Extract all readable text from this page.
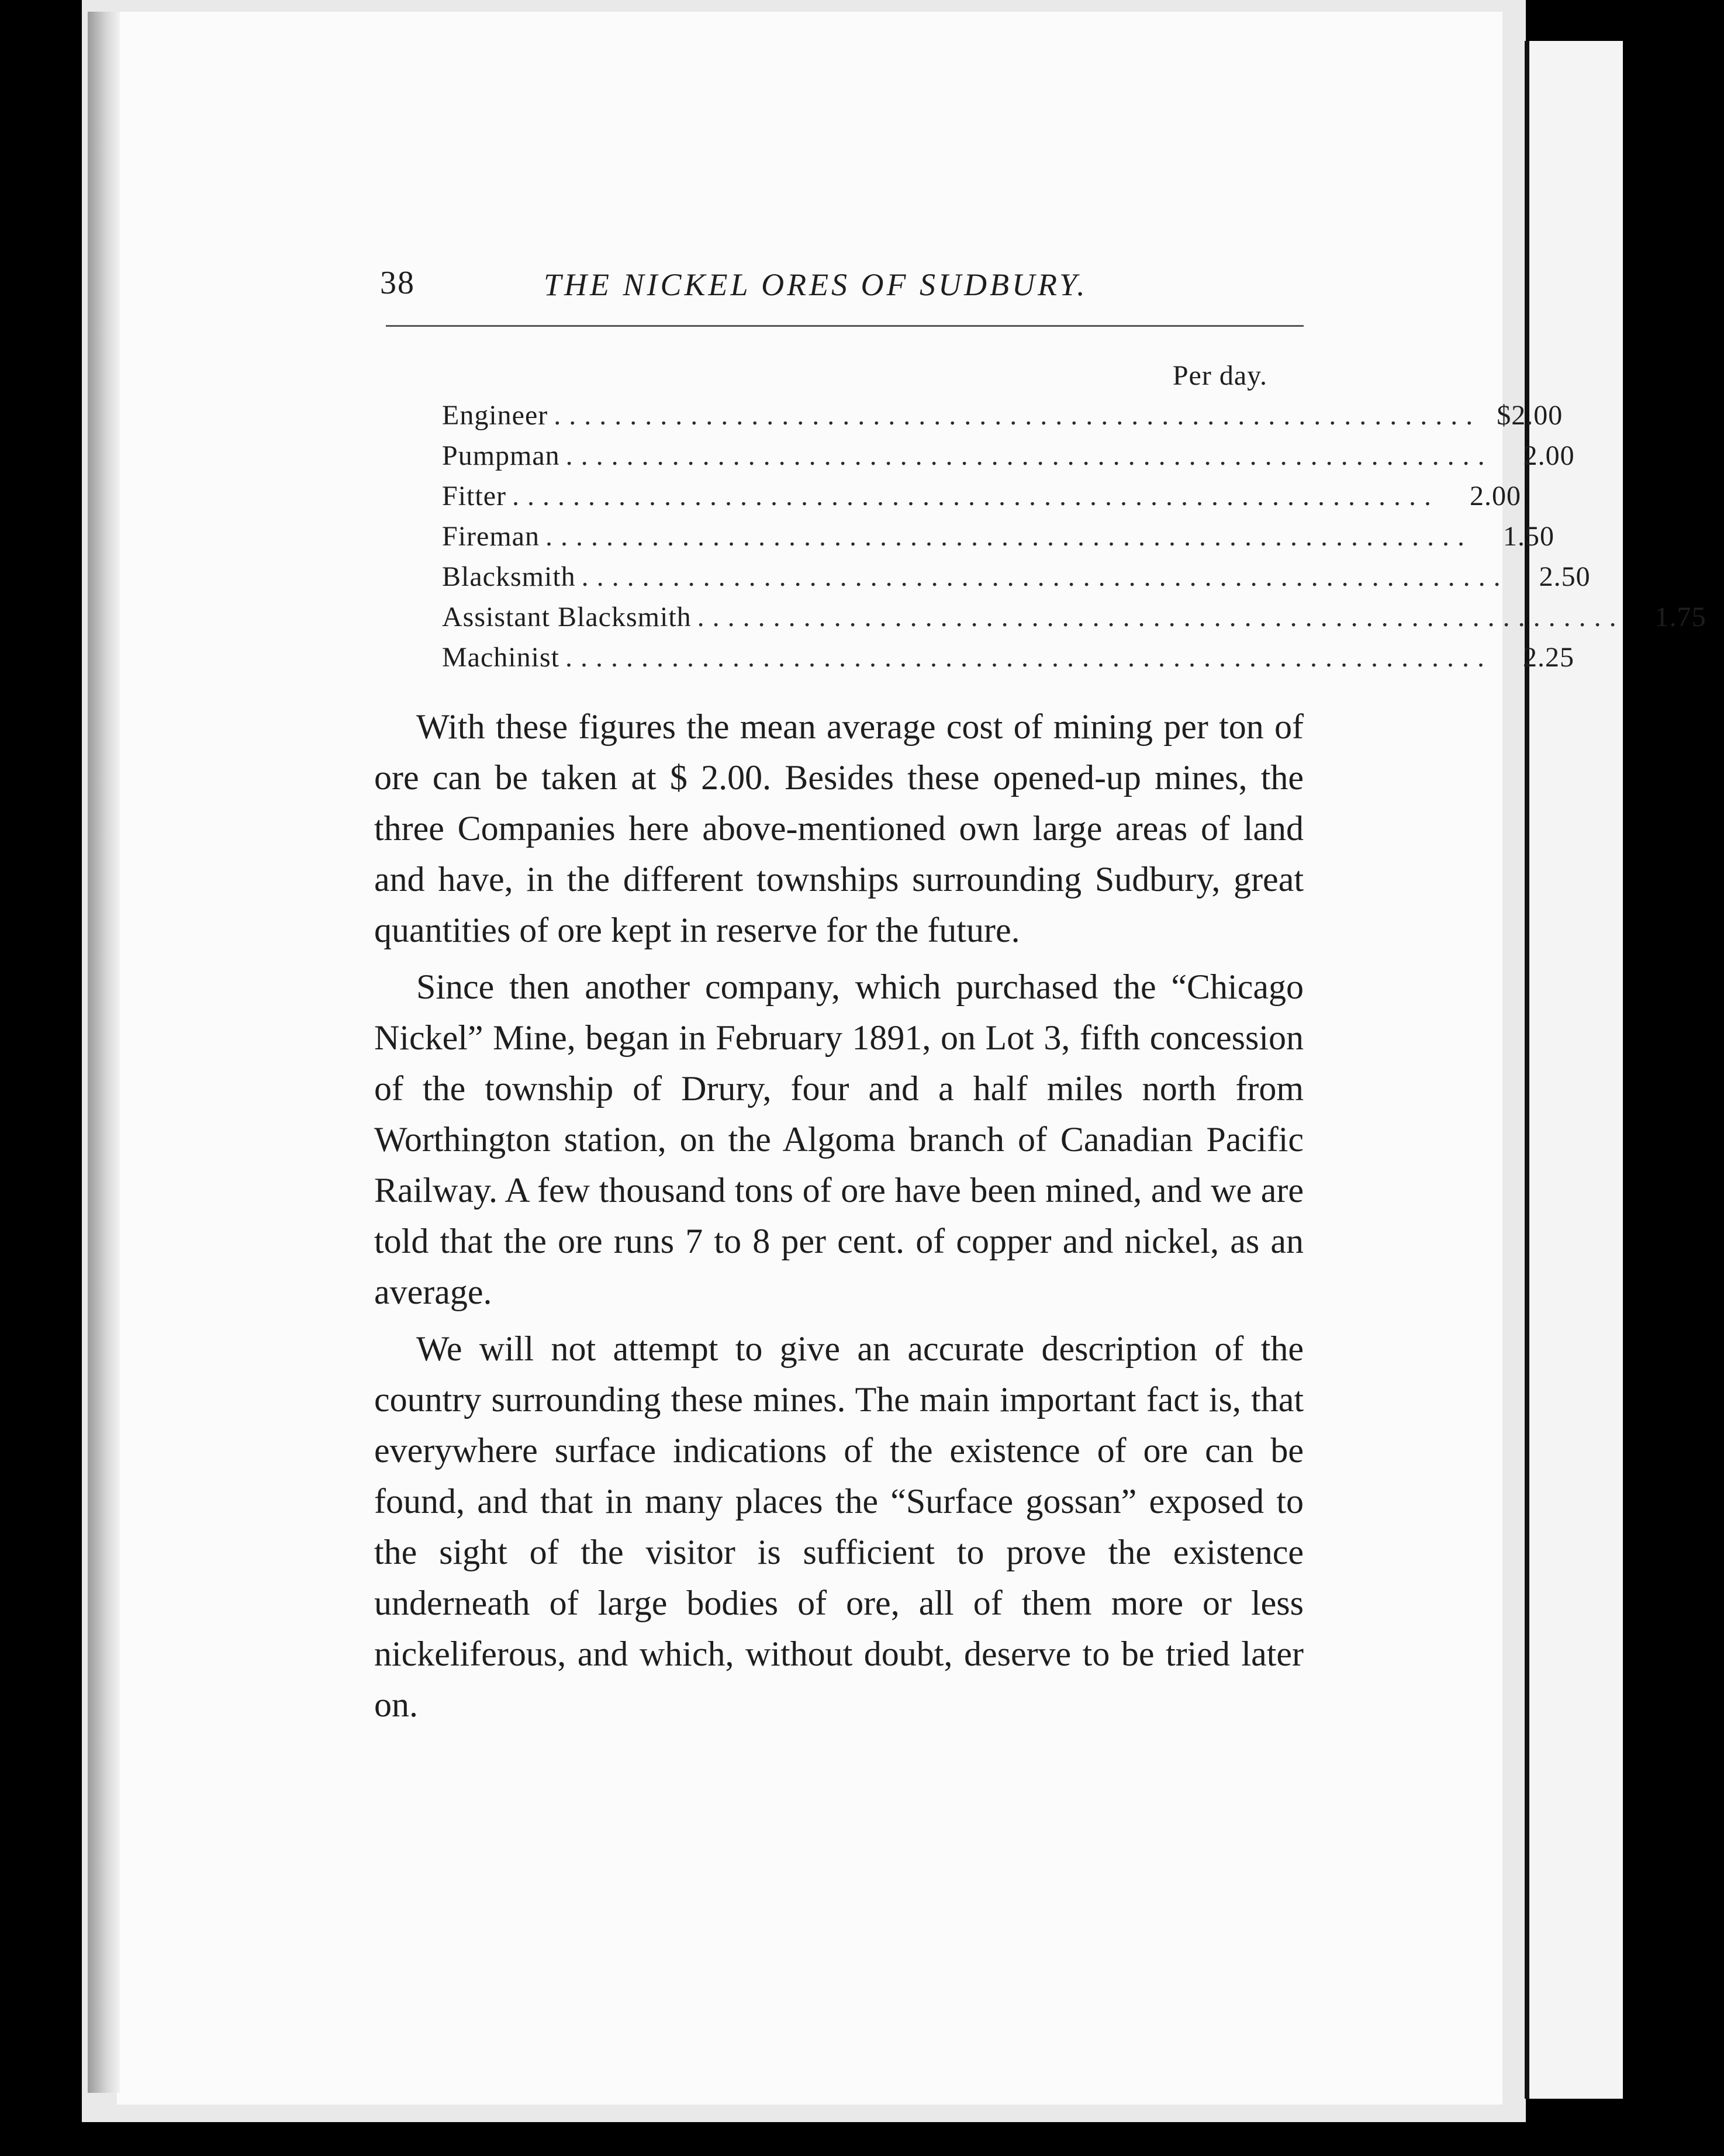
38	THE NICKEL ORES OF SUDBURY.
Per day.
Engineer ............................................................. $2.00
Pumpman .............................................................	2.00
Fitter .............................................................	2.00
Fireman .............................................................	1.50
Blacksmith .............................................................	2.50
Assistant Blacksmith .............................................................	1.75
Machinist .............................................................	2.25

With these figures the mean average cost of mining per ton of ore can be taken at $ 2.00. Besides these opened-up mines, the three Companies here above-mentioned own large areas of land and have, in the different townships surrounding Sudbury, great quantities of ore kept in reserve for the future.

Since then another company, which purchased the “Chicago Nickel” Mine, began in February 1891, on Lot 3, fifth concession of the township of Drury, four and a half miles north from Worthington station, on the Algoma branch of Canadian Pacific Railway. A few thousand tons of ore have been mined, and we are told that the ore runs 7 to 8 per cent. of copper and nickel, as an average.

We will not attempt to give an accurate description of the country surrounding these mines. The main important fact is, that everywhere surface indications of the existence of ore can be found, and that in many places the “Surface gossan” exposed to the sight of the visitor is sufficient to prove the existence underneath of large bodies of ore, all of them more or less nickeliferous, and which, without doubt, deserve to be tried later on.
